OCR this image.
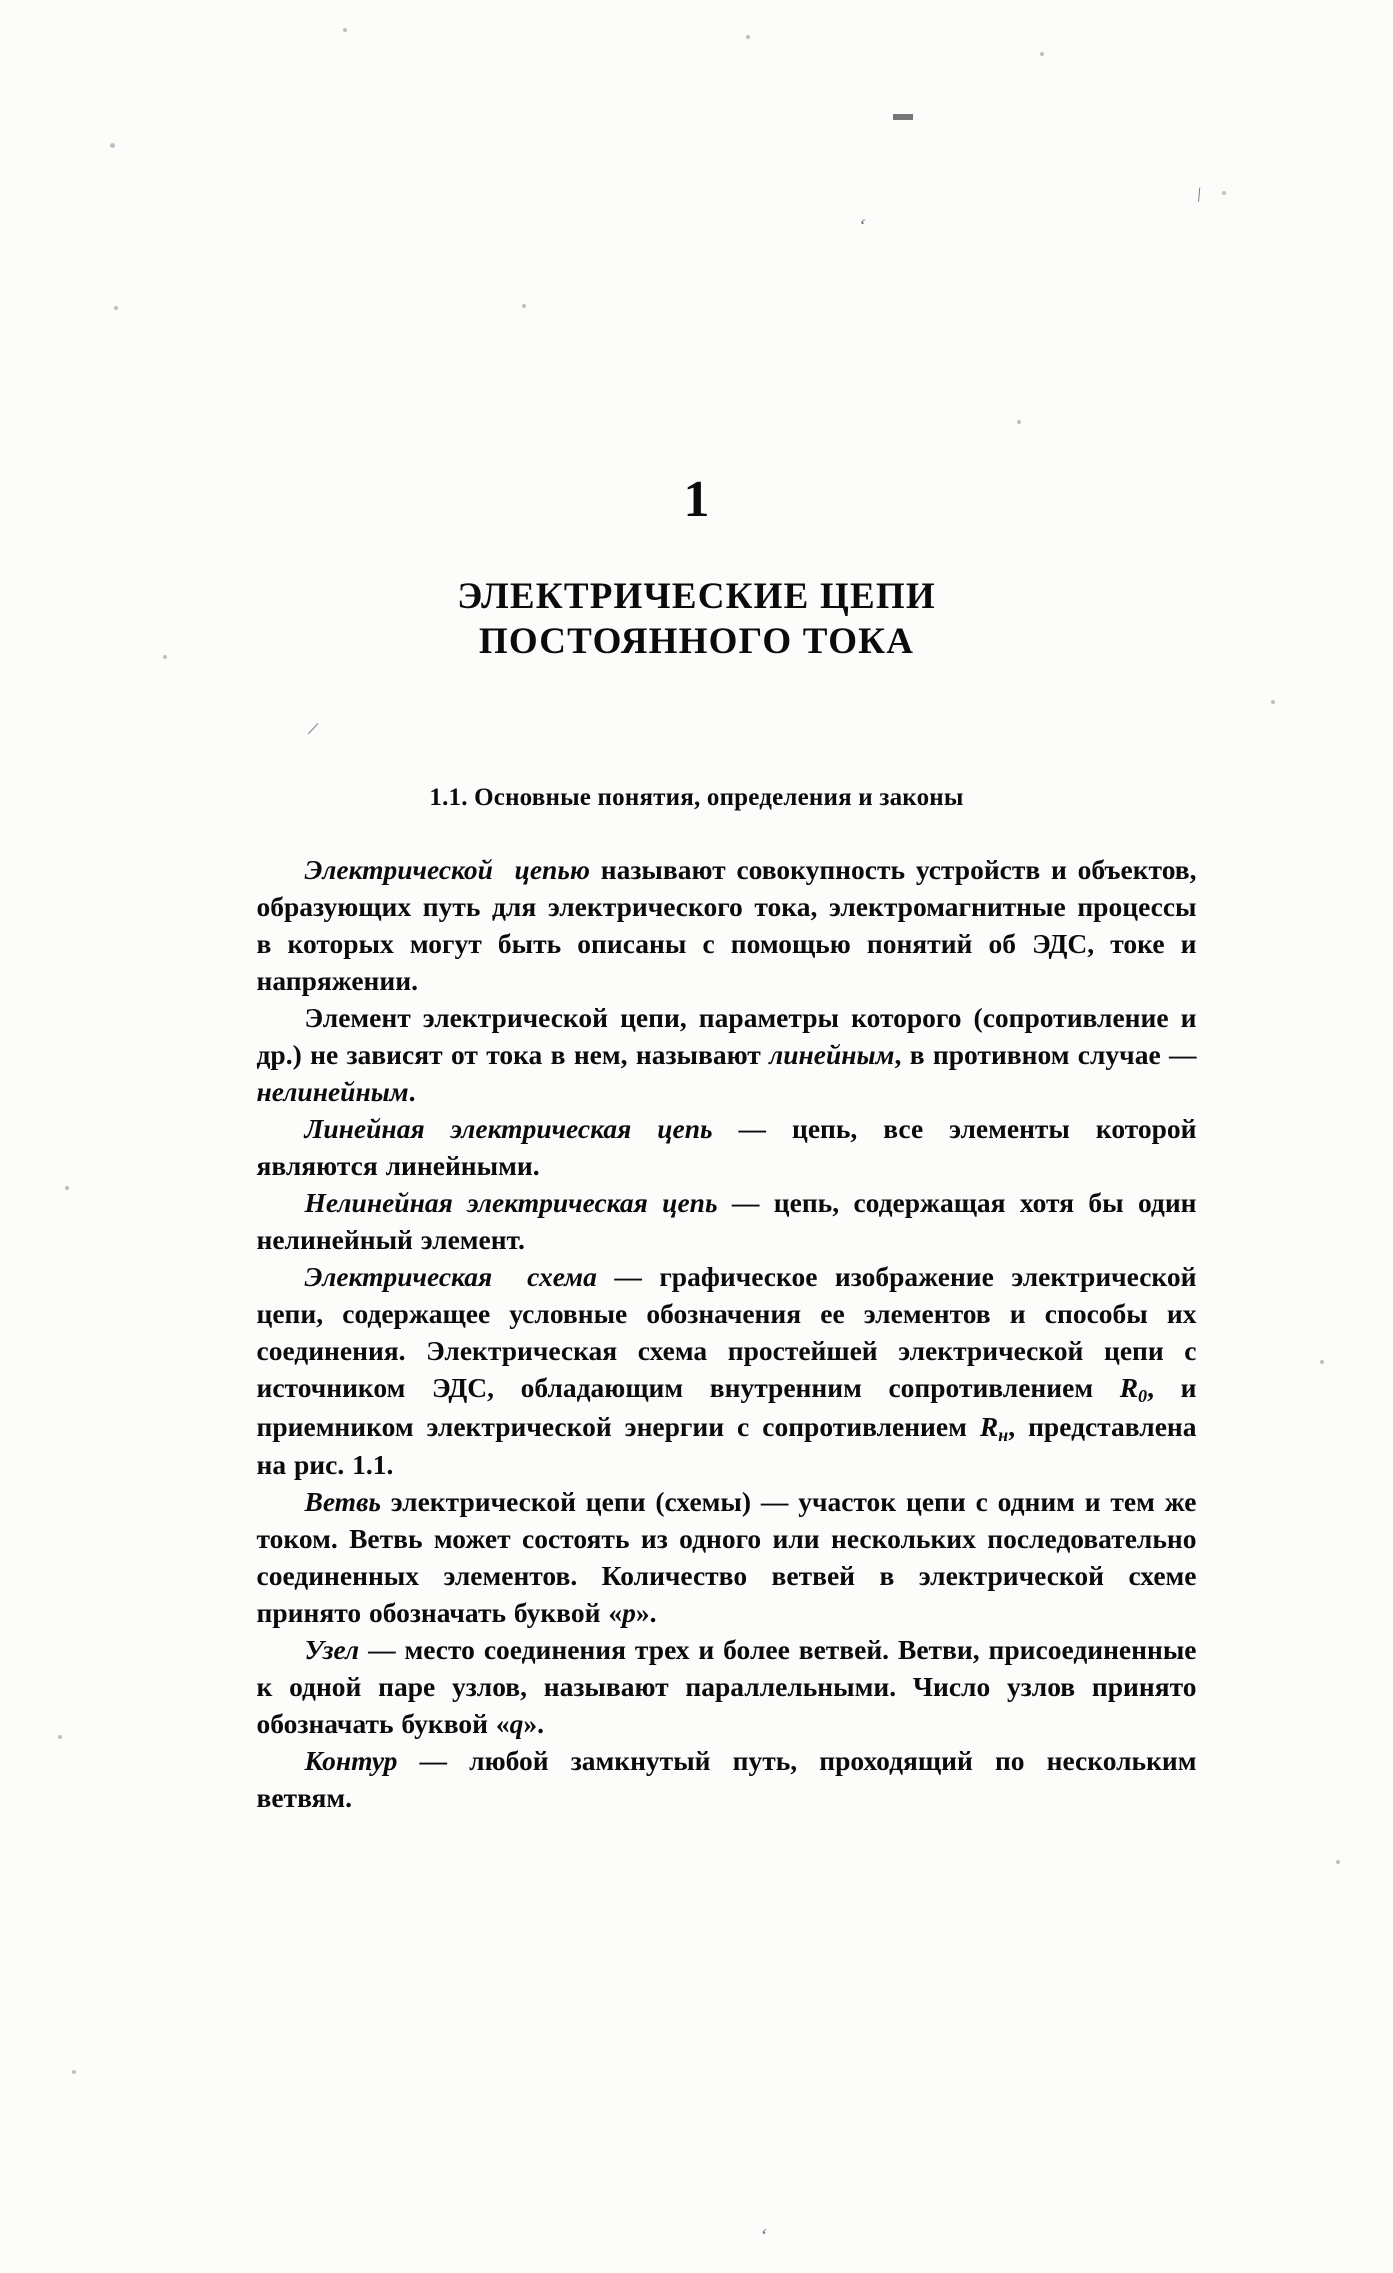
▬
ʻ
\
/
ʻ
1
ЭЛЕКТРИЧЕСКИЕ ЦЕПИ
ПОСТОЯННОГО ТОКА
1.1. Основные понятия, определения и законы

Электрической  цепью называют совокупность устройств и объектов, образующих путь для электрического тока, электромагнитные процессы в которых могут быть описаны с помощью понятий об ЭДС, токе и напряжении.

Элемент электрической цепи, параметры которого (сопротивление и др.) не зависят от тока в нем, называют линейным, в противном случае — нелинейным.

Линейная электрическая цепь — цепь, все элементы которой являются линейными.

Нелинейная электрическая цепь — цепь, содержащая хотя бы один нелинейный элемент.

Электрическая  схема — графическое изображение электрической цепи, содержащее условные обозначения ее элементов и способы их соединения. Электрическая схема простейшей электрической цепи с источником ЭДС, обладающим внутренним сопротивлением $R_0$, и приемником электрической энергии с сопротивлением $R_н$, представлена на рис. 1.1.

Ветвь электрической цепи (схемы) — участок цепи с одним и тем же током. Ветвь может состоять из одного или нескольких последовательно соединенных элементов. Количество ветвей в электрической схеме принято обозначать буквой «p».

Узел — место соединения трех и более ветвей. Ветви, присоединенные к одной паре узлов, называют параллельными. Число узлов принято обозначать буквой «q».

Контур — любой замкнутый путь, проходящий по нескольким ветвям.
